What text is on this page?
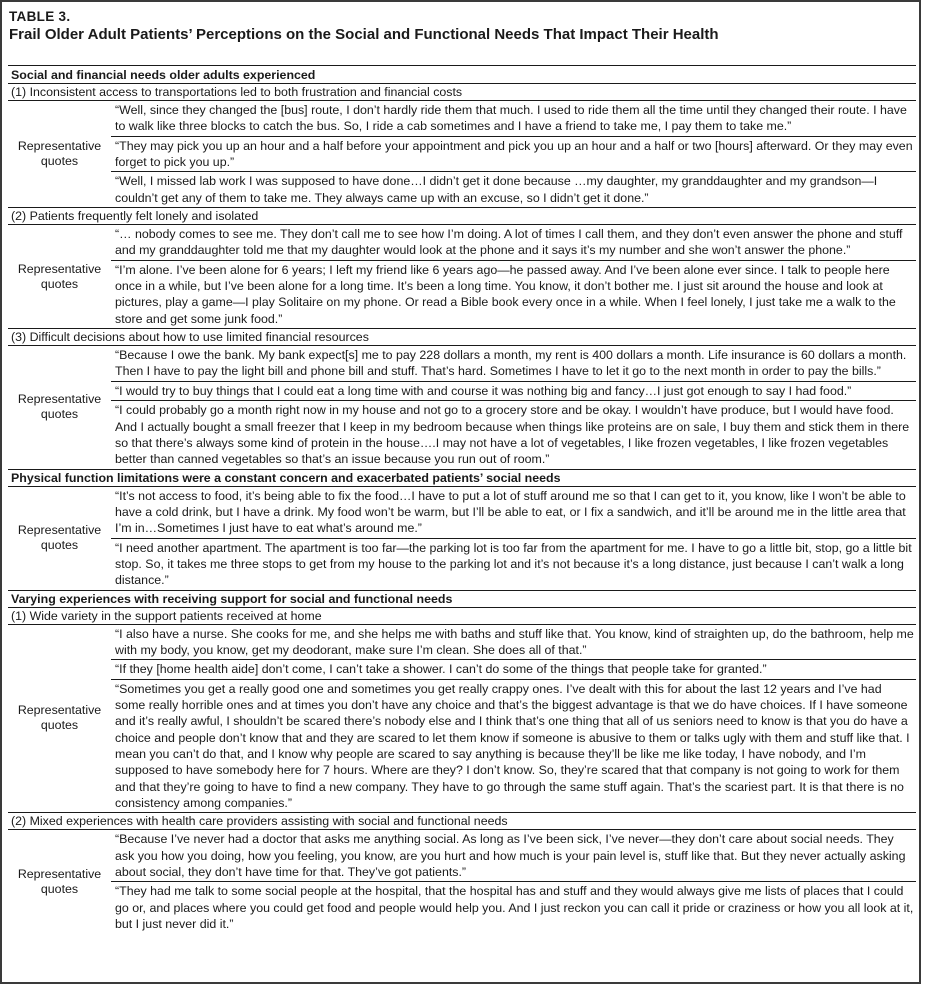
TABLE 3.
Frail Older Adult Patients’ Perceptions on the Social and Functional Needs That Impact Their Health
Social and financial needs older adults experienced
(1) Inconsistent access to transportations led to both frustration and financial costs
Representative
quotes
“Well, since they changed the [bus] route, I don’t hardly ride them that much. I used to ride them all the time until they changed their route. I have to walk like three blocks to catch the bus. So, I ride a cab sometimes and I have a friend to take me, I pay them to take me.”
“They may pick you up an hour and a half before your appointment and pick you up an hour and a half or two [hours] afterward. Or they may even forget to pick you up.”
“Well, I missed lab work I was supposed to have done…I didn’t get it done because …my daughter, my granddaughter and my grandson—I couldn’t get any of them to take me. They always came up with an excuse, so I didn’t get it done.”
(2) Patients frequently felt lonely and isolated
Representative
quotes
“… nobody comes to see me. They don’t call me to see how I’m doing. A lot of times I call them, and they don’t even answer the phone and stuff and my granddaughter told me that my daughter would look at the phone and it says it’s my number and she won’t answer the phone.”
“I’m alone. I’ve been alone for 6 years; I left my friend like 6 years ago—he passed away. And I’ve been alone ever since. I talk to people here once in a while, but I’ve been alone for a long time. It’s been a long time. You know, it don’t bother me. I just sit around the house and look at pictures, play a game—I play Solitaire on my phone. Or read a Bible book every once in a while. When I feel lonely, I just take me a walk to the store and get some junk food.”
(3) Difficult decisions about how to use limited financial resources
Representative
quotes
“Because I owe the bank. My bank expect[s] me to pay 228 dollars a month, my rent is 400 dollars a month. Life insurance is 60 dollars a month. Then I have to pay the light bill and phone bill and stuff. That’s hard. Sometimes I have to let it go to the next month in order to pay the bills.”
“I would try to buy things that I could eat a long time with and course it was nothing big and fancy…I just got enough to say I had food.”
“I could probably go a month right now in my house and not go to a grocery store and be okay. I wouldn’t have produce, but I would have food. And I actually bought a small freezer that I keep in my bedroom because when things like proteins are on sale, I buy them and stick them in there so that there’s always some kind of protein in the house….I may not have a lot of vegetables, I like frozen vegetables, I like frozen vegetables better than canned vegetables so that’s an issue because you run out of room.”
Physical function limitations were a constant concern and exacerbated patients’ social needs
Representative
quotes
“It’s not access to food, it’s being able to fix the food…I have to put a lot of stuff around me so that I can get to it, you know, like I won’t be able to have a cold drink, but I have a drink. My food won’t be warm, but I’ll be able to eat, or I fix a sandwich, and it’ll be around me in the little area that I’m in…Sometimes I just have to eat what’s around me.”
“I need another apartment. The apartment is too far—the parking lot is too far from the apartment for me. I have to go a little bit, stop, go a little bit stop. So, it takes me three stops to get from my house to the parking lot and it’s not because it’s a long distance, just because I can’t walk a long distance.”
Varying experiences with receiving support for social and functional needs
(1) Wide variety in the support patients received at home
Representative
quotes
“I also have a nurse. She cooks for me, and she helps me with baths and stuff like that. You know, kind of straighten up, do the bathroom, help me with my body, you know, get my deodorant, make sure I’m clean. She does all of that.”
“If they [home health aide] don’t come, I can’t take a shower. I can’t do some of the things that people take for granted.”
“Sometimes you get a really good one and sometimes you get really crappy ones. I’ve dealt with this for about the last 12 years and I’ve had some really horrible ones and at times you don’t have any choice and that’s the biggest advantage is that we do have choices. If I have someone and it’s really awful, I shouldn’t be scared there’s nobody else and I think that’s one thing that all of us seniors need to know is that you do have a choice and people don’t know that and they are scared to let them know if someone is abusive to them or talks ugly with them and stuff like that. I mean you can’t do that, and I know why people are scared to say anything is because they’ll be like me like today, I have nobody, and I’m supposed to have somebody here for 7 hours. Where are they? I don’t know. So, they’re scared that that company is not going to work for them and that they’re going to have to find a new company. They have to go through the same stuff again. That’s the scariest part. It is that there is no consistency among companies.”
(2) Mixed experiences with health care providers assisting with social and functional needs
Representative
quotes
“Because I’ve never had a doctor that asks me anything social. As long as I’ve been sick, I’ve never—they don’t care about social needs. They ask you how you doing, how you feeling, you know, are you hurt and how much is your pain level is, stuff like that. But they never actually asking about social, they don’t have time for that. They’ve got patients.”
“They had me talk to some social people at the hospital, that the hospital has and stuff and they would always give me lists of places that I could go or, and places where you could get food and people would help you. And I just reckon you can call it pride or craziness or how you all look at it, but I just never did it.”
